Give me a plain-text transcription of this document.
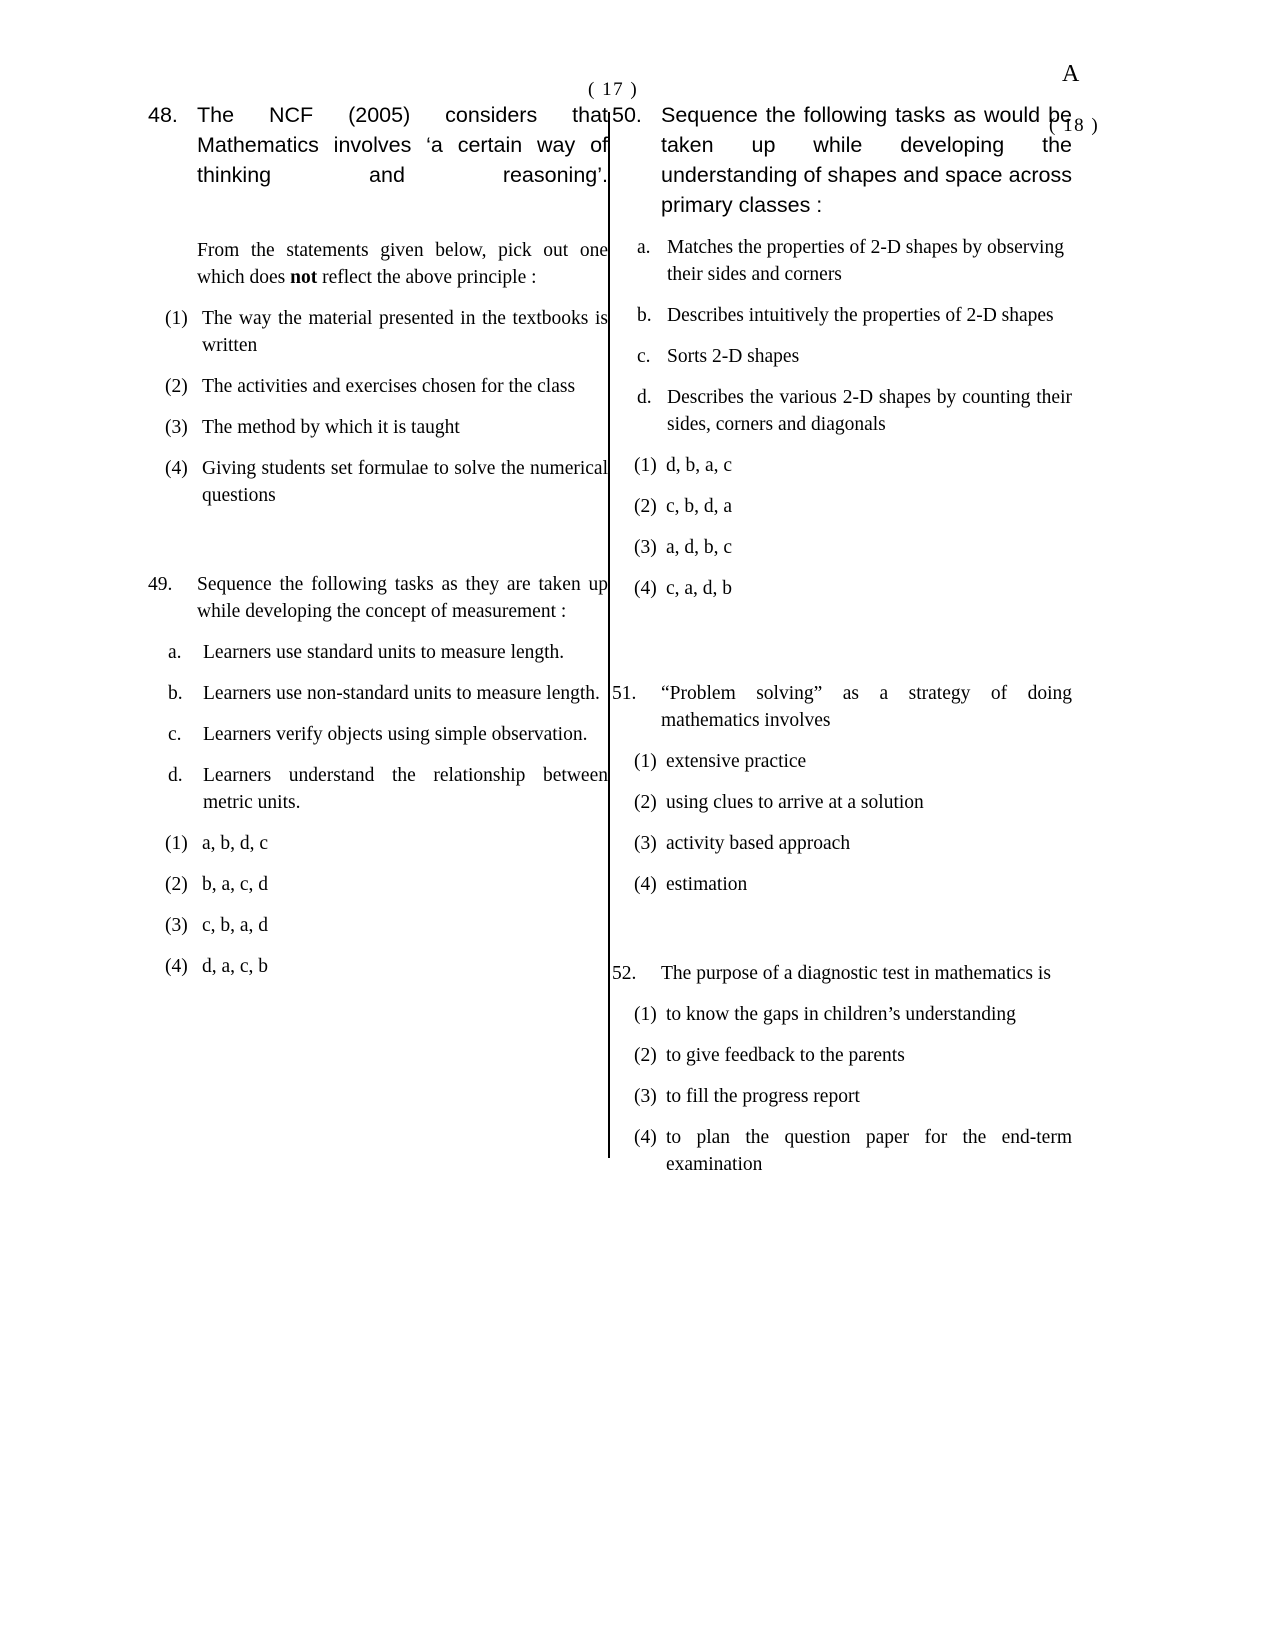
A
( 17 )
( 18 )
48. The NCF (2005) considers that Mathematics involves ‘a certain way of thinking and reasoning’.
From the statements given below, pick out one which does not reflect the above principle :
(1) The way the material presented in the textbooks is written
(2) The activities and exercises chosen for the class
(3) The method by which it is taught
(4) Giving students set formulae to solve the numerical questions
49.	Sequence the following tasks as they are taken up while developing the concept of measurement :
a.	Learners use standard units to measure length.
b.	Learners use non-standard units to measure length.
c.	Learners verify objects using simple observation.
d.	Learners understand the relationship between metric units.
(1) a, b, d, c
(2) b, a, c, d
(3) c, b, a, d
(4) d, a, c, b
50. Sequence the following tasks as would be taken up while developing the understanding of shapes and space across primary classes :
a. Matches the properties of 2-D shapes by observing their sides and corners
b. Describes intuitively the properties of 2-D shapes
c. Sorts 2-D shapes
d. Describes the various 2-D shapes by counting their sides, corners and diagonals
(1) d, b, a, c
(2) c, b, d, a
(3) a, d, b, c
(4) c, a, d, b
51.	“Problem solving” as a strategy of doing mathematics involves
(1) extensive practice
(2) using clues to arrive at a solution
(3) activity based approach
(4) estimation
52.	The purpose of a diagnostic test in mathematics is
(1) to know the gaps in children’s understanding
(2) to give feedback to the parents
(3) to fill the progress report
(4) to plan the question paper for the end-term examination
